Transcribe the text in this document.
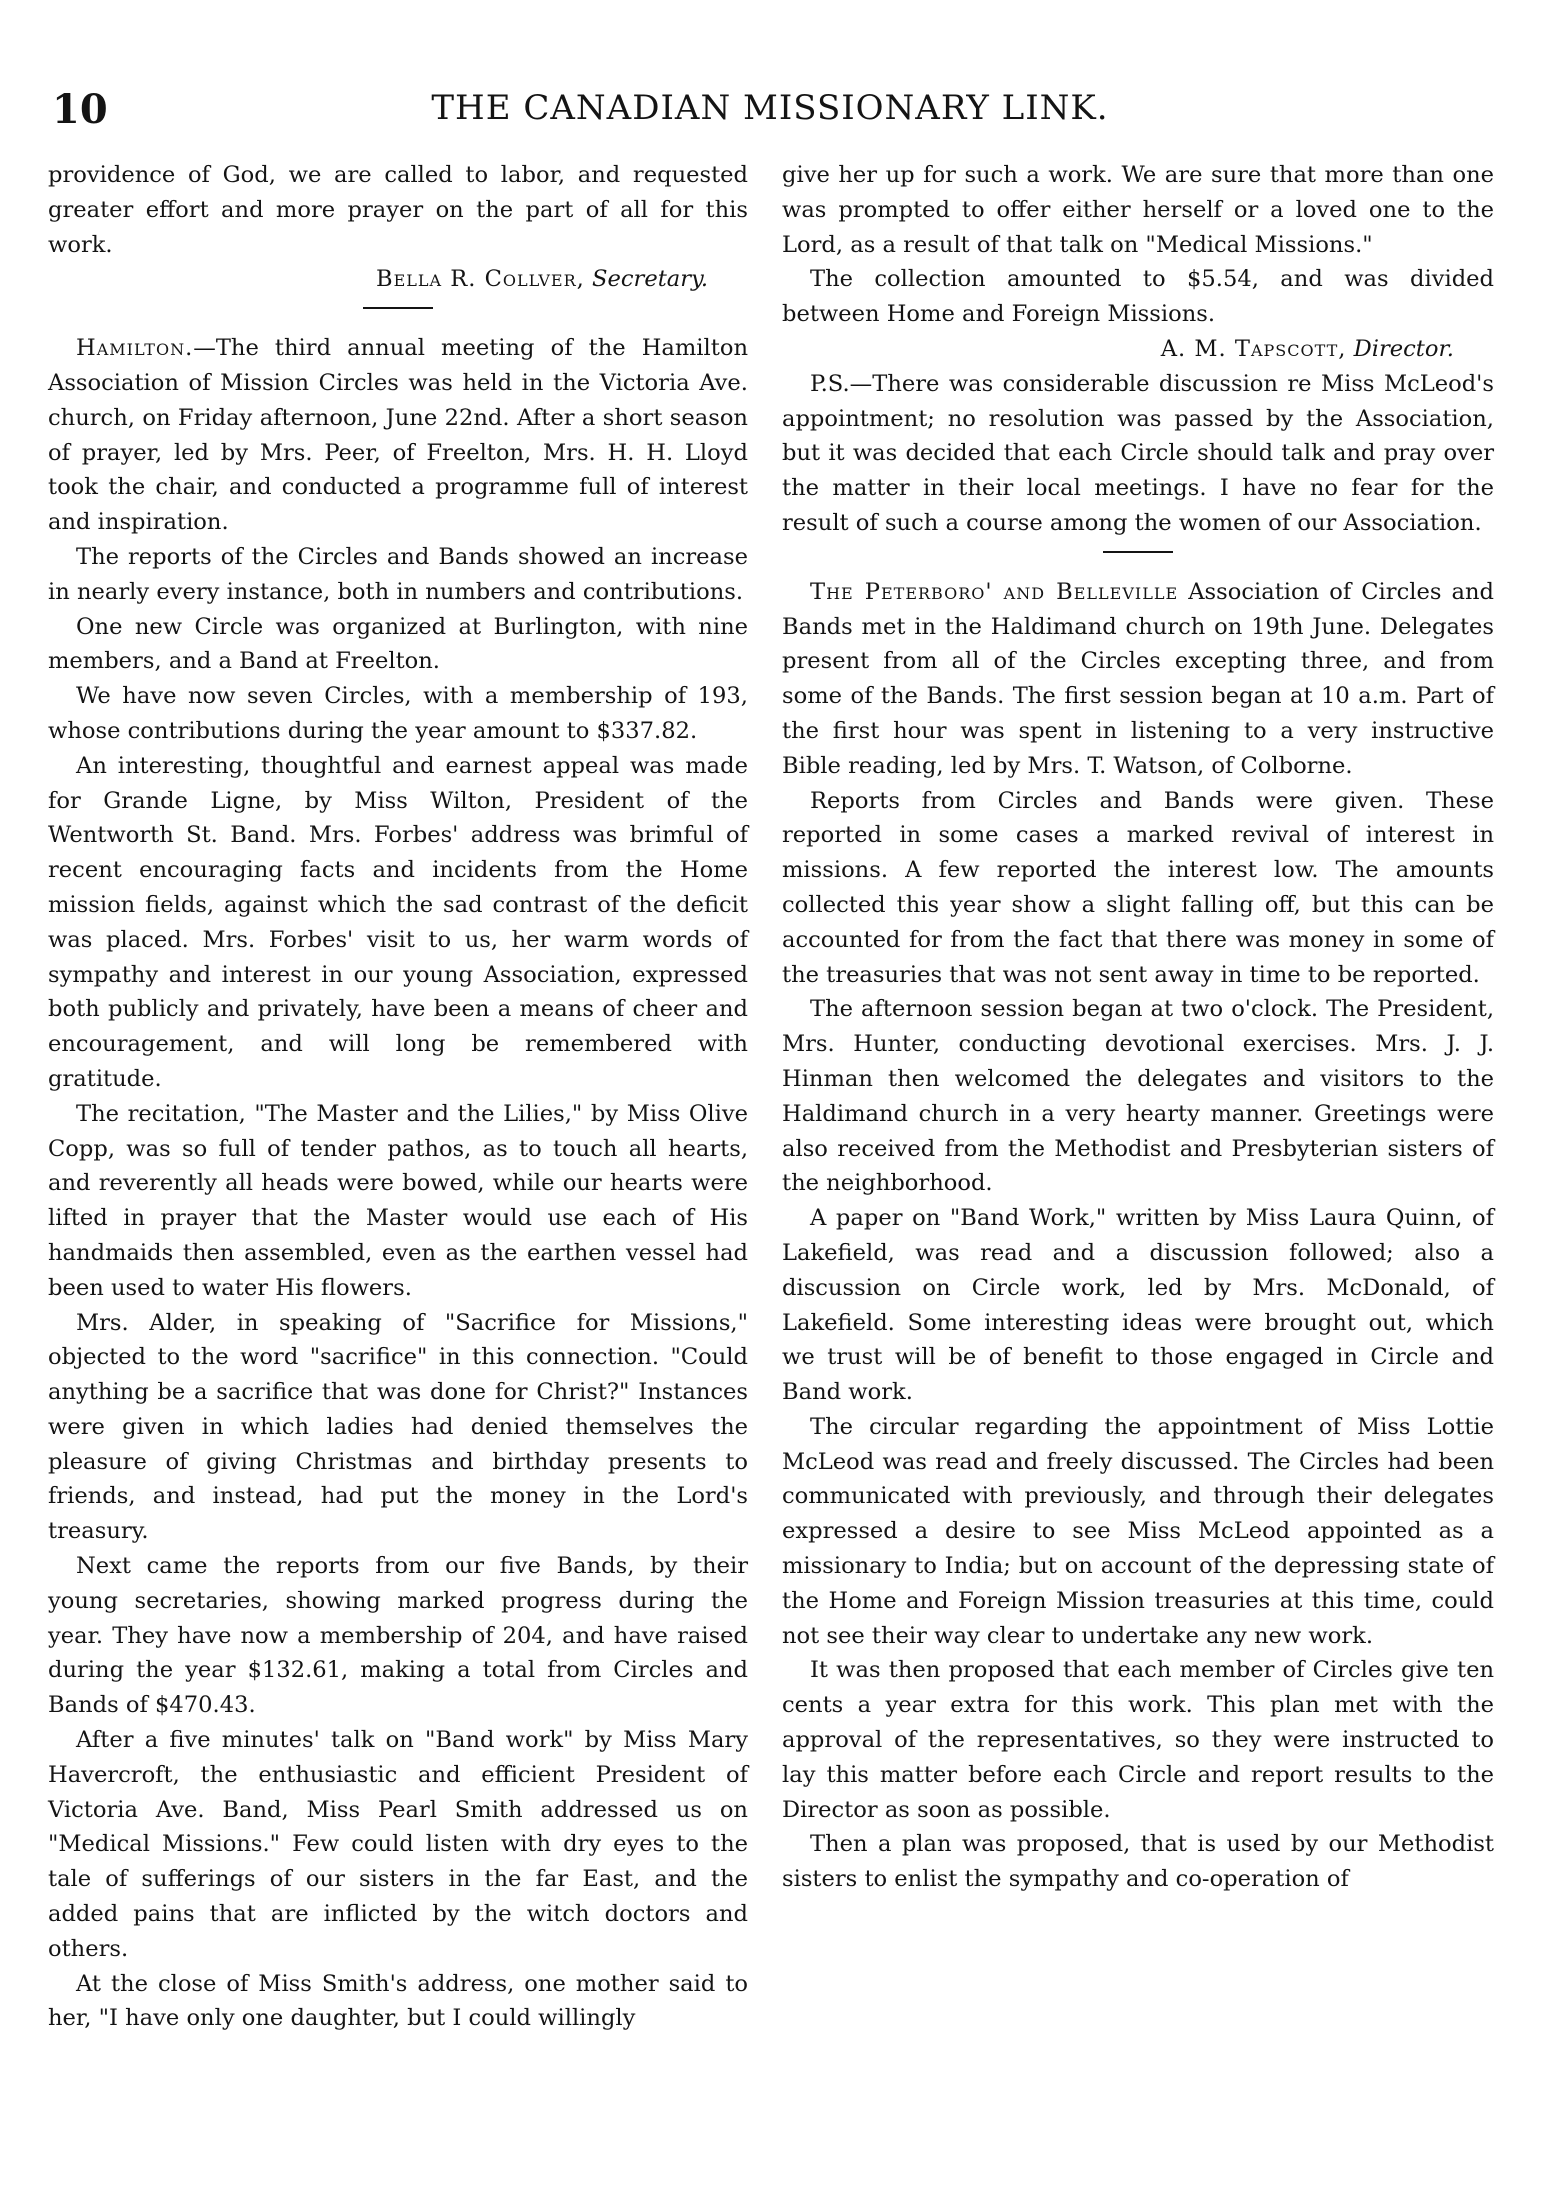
10	THE CANADIAN MISSIONARY LINK.

providence of God, we are called to labor, and requested greater effort and more prayer on the part of all for this work.

Bella R. Collver, Secretary.

Hamilton.—The third annual meeting of the Hamilton Association of Mission Circles was held in the Victoria Ave. church, on Friday afternoon, June 22nd. After a short season of prayer, led by Mrs. Peer, of Freelton, Mrs. H. H. Lloyd took the chair, and conducted a programme full of interest and inspiration.

The reports of the Circles and Bands showed an increase in nearly every instance, both in numbers and contributions.

One new Circle was organized at Burlington, with nine members, and a Band at Freelton.

We have now seven Circles, with a membership of 193, whose contributions during the year amount to $337.82.

An interesting, thoughtful and earnest appeal was made for Grande Ligne, by Miss Wilton, President of the Wentworth St. Band. Mrs. Forbes' address was brimful of recent encouraging facts and incidents from the Home mission fields, against which the sad contrast of the deficit was placed. Mrs. Forbes' visit to us, her warm words of sympathy and interest in our young Association, expressed both publicly and privately, have been a means of cheer and encouragement, and will long be remembered with gratitude.

The recitation, "The Master and the Lilies," by Miss Olive Copp, was so full of tender pathos, as to touch all hearts, and reverently all heads were bowed, while our hearts were lifted in prayer that the Master would use each of His handmaids then assembled, even as the earthen vessel had been used to water His flowers.

Mrs. Alder, in speaking of "Sacrifice for Missions," objected to the word "sacrifice" in this connection. "Could anything be a sacrifice that was done for Christ?" Instances were given in which ladies had denied themselves the pleasure of giving Christmas and birthday presents to friends, and instead, had put the money in the Lord's treasury.

Next came the reports from our five Bands, by their young secretaries, showing marked progress during the year. They have now a membership of 204, and have raised during the year $132.61, making a total from Circles and Bands of $470.43.

After a five minutes' talk on "Band work" by Miss Mary Havercroft, the enthusiastic and efficient President of Victoria Ave. Band, Miss Pearl Smith addressed us on "Medical Missions." Few could listen with dry eyes to the tale of sufferings of our sisters in the far East, and the added pains that are inflicted by the witch doctors and others.

At the close of Miss Smith's address, one mother said to her, "I have only one daughter, but I could willingly

give her up for such a work. We are sure that more than one was prompted to offer either herself or a loved one to the Lord, as a result of that talk on "Medical Missions."

The collection amounted to $5.54, and was divided between Home and Foreign Missions.

A. M. Tapscott, Director.

P.S.—There was considerable discussion re Miss McLeod's appointment; no resolution was passed by the Association, but it was decided that each Circle should talk and pray over the matter in their local meetings. I have no fear for the result of such a course among the women of our Association.

The Peterboro' and Belleville Association of Circles and Bands met in the Haldimand church on 19th June. Delegates present from all of the Circles excepting three, and from some of the Bands. The first session began at 10 a.m. Part of the first hour was spent in listening to a very instructive Bible reading, led by Mrs. T. Watson, of Colborne.

Reports from Circles and Bands were given. These reported in some cases a marked revival of interest in missions. A few reported the interest low. The amounts collected this year show a slight falling off, but this can be accounted for from the fact that there was money in some of the treasuries that was not sent away in time to be reported.

The afternoon session began at two o'clock. The President, Mrs. Hunter, conducting devotional exercises. Mrs. J. J. Hinman then welcomed the delegates and visitors to the Haldimand church in a very hearty manner. Greetings were also received from the Methodist and Presbyterian sisters of the neighborhood.

A paper on "Band Work," written by Miss Laura Quinn, of Lakefield, was read and a discussion followed; also a discussion on Circle work, led by Mrs. McDonald, of Lakefield. Some interesting ideas were brought out, which we trust will be of benefit to those engaged in Circle and Band work.

The circular regarding the appointment of Miss Lottie McLeod was read and freely discussed. The Circles had been communicated with previously, and through their delegates expressed a desire to see Miss McLeod appointed as a missionary to India; but on account of the depressing state of the Home and Foreign Mission treasuries at this time, could not see their way clear to undertake any new work.

It was then proposed that each member of Circles give ten cents a year extra for this work. This plan met with the approval of the representatives, so they were instructed to lay this matter before each Circle and report results to the Director as soon as possible.

Then a plan was proposed, that is used by our Methodist sisters to enlist the sympathy and co-operation of
